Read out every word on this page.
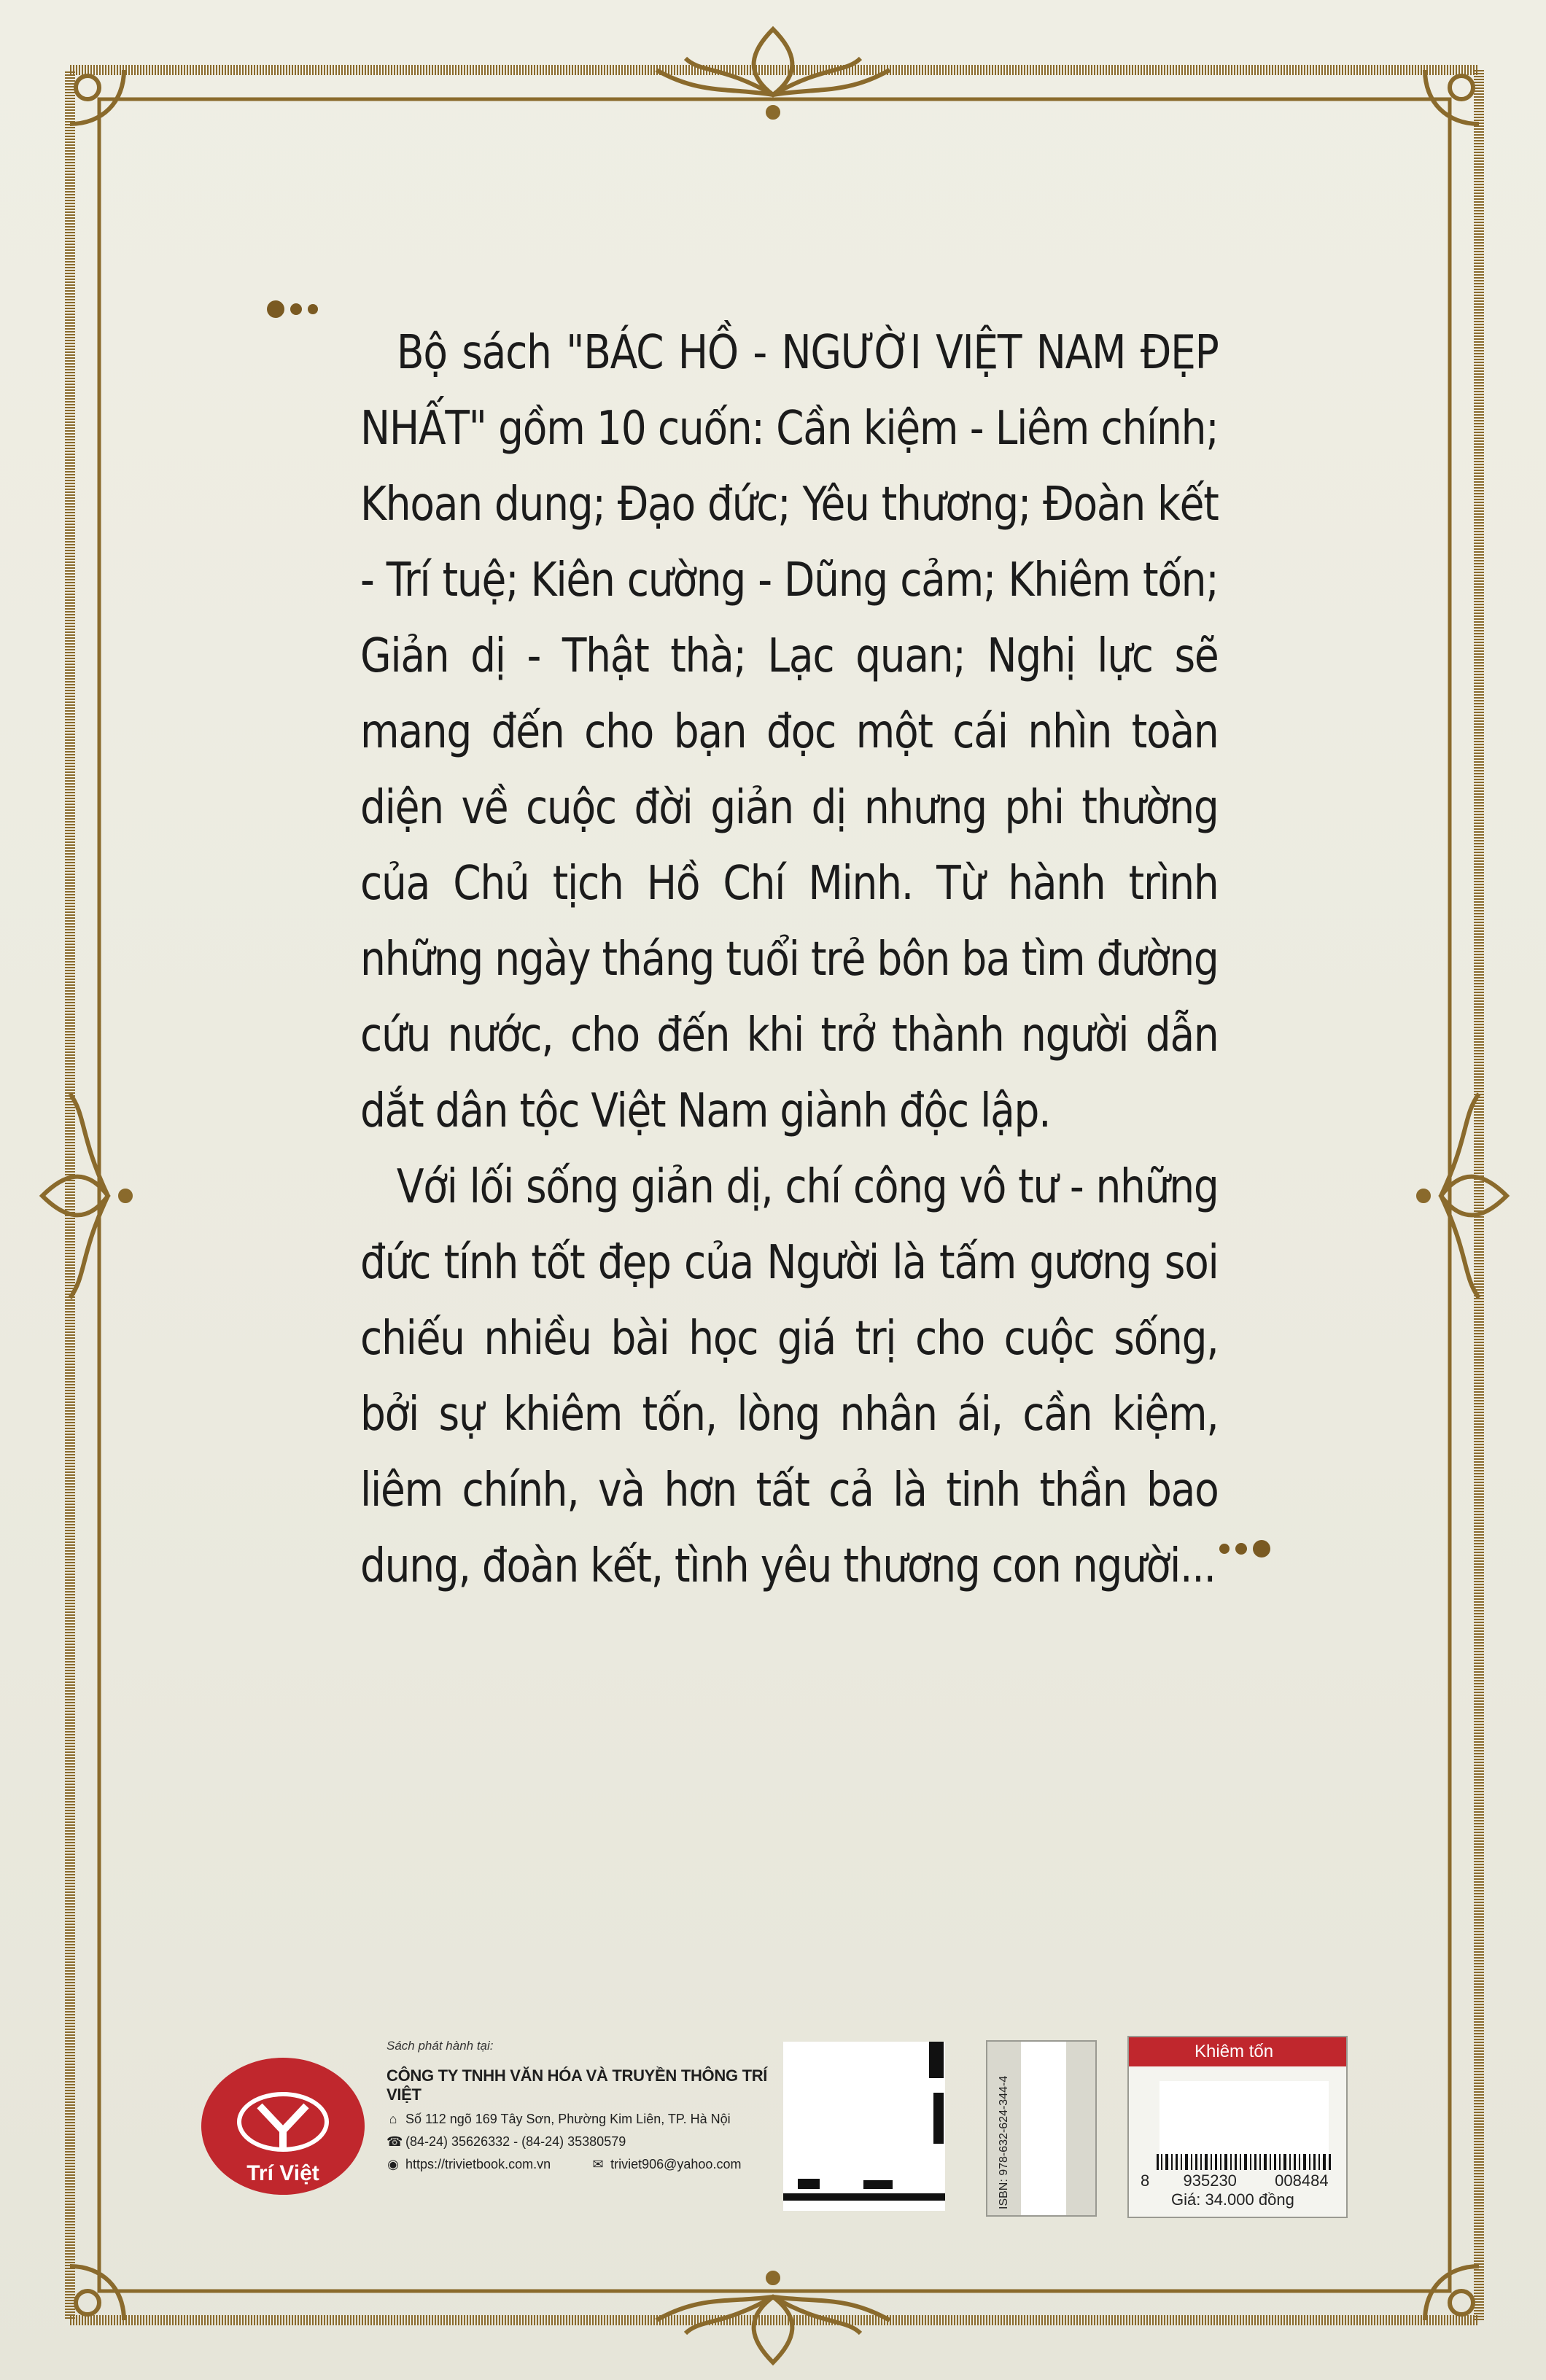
Bộ sách "BÁC HỒ - NGƯỜI VIỆT NAM ĐẸP NHẤT" gồm 10 cuốn: Cần kiệm - Liêm chính; Khoan dung; Đạo đức; Yêu thương; Đoàn kết - Trí tuệ; Kiên cường - Dũng cảm; Khiêm tốn; Giản dị - Thật thà; Lạc quan; Nghị lực sẽ mang đến cho bạn đọc một cái nhìn toàn diện về cuộc đời giản dị nhưng phi thường của Chủ tịch Hồ Chí Minh. Từ hành trình những ngày tháng tuổi trẻ bôn ba tìm đường cứu nước, cho đến khi trở thành người dẫn dắt dân tộc Việt Nam giành độc lập.

Với lối sống giản dị, chí công vô tư - những đức tính tốt đẹp của Người là tấm gương soi chiếu nhiều bài học giá trị cho cuộc sống, bởi sự khiêm tốn, lòng nhân ái, cần kiệm, liêm chính, và hơn tất cả là tinh thần bao dung, đoàn kết, tình yêu thương con người...

Trí Việt
Sách phát hành tại:
CÔNG TY TNHH VĂN HÓA VÀ TRUYỀN THÔNG TRÍ VIỆT
⌂ Số 112 ngõ 169 Tây Sơn, Phường Kim Liên, TP. Hà Nội
☎ (84-24) 35626332 - (84-24) 35380579
◉ https://trivietbook.com.vn	✉ triviet906@yahoo.com	ISBN: 978-632-624-344-4
Khiêm tốn
8 935230 008484
Giá: 34.000 đồng
